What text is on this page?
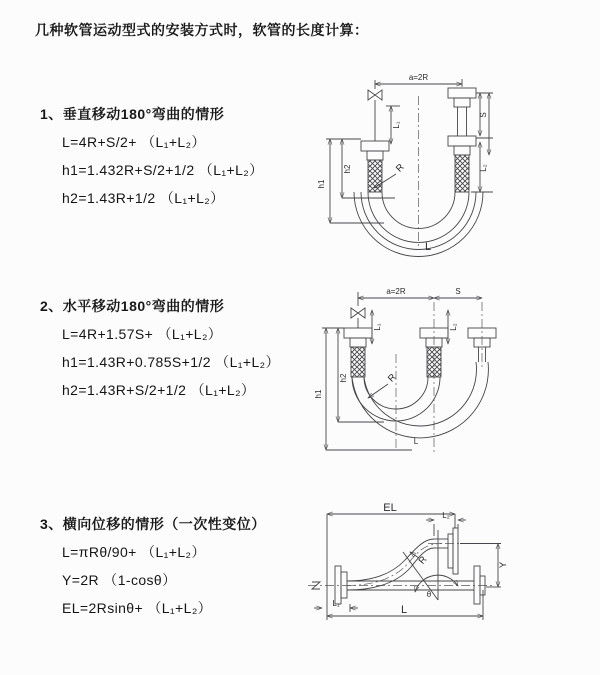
几种软管运动型式的安装方式时，软管的长度计算：
1、垂直移动180°弯曲的情形
L=4R+S/2+ （L₁+L₂）
h1=1.432R+S/2+1/2 （L₁+L₂）
h2=1.43R+1/2 （L₁+L₂）
2、水平移动180°弯曲的情形
L=4R+1.57S+ （L₁+L₂）
h1=1.43R+0.785S+1/2 （L₁+L₂）
h2=1.43R+S/2+1/2 （L₁+L₂）
3、横向位移的情形（一次性变位）
L=πRθ/90+ （L₁+L₂）
Y=2R （1-cosθ）
EL=2Rsinθ+ （L₁+L₂）
a=2R
h1
h2
L₁
S
L₂
R
L
a=2R	S
L₁	L₂
h1
h2	R
L
EL
L₂
θ
R	Y
L₁
L
